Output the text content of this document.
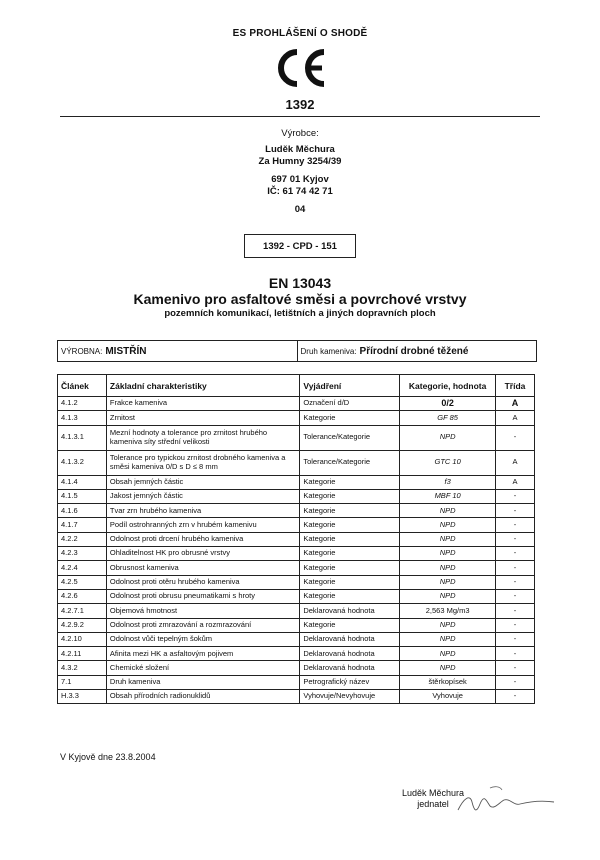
ES PROHLÁŠENÍ O SHODĚ
1392
Výrobce:
Luděk Měchura
Za Humny 3254/39
697 01 Kyjov
IČ: 61 74 42 71
04
1392 - CPD - 151
EN 13043
Kamenivo pro asfaltové směsi a povrchové vrstvy
pozemních komunikací, letištních a jiných dopravních ploch
VÝROBNA: MISTŘÍN	Druh kameniva: Přírodní drobné těžené
Článek	Základní charakteristiky	Vyjádření	Kategorie, hodnota	Třída
4.1.2	Frakce kameniva	Označení d/D	0/2	A
4.1.3	Zrnitost	Kategorie	GF 85	A
4.1.3.1	Mezní hodnoty a tolerance pro zrnitost hrubého kameniva síty střední velikosti	Tolerance/Kategorie	NPD	-
4.1.3.2	Tolerance pro typickou zrnitost drobného kameniva a směsi kameniva 0/D s D ≤ 8 mm	Tolerance/Kategorie	GTC 10	A
4.1.4	Obsah jemných částic	Kategorie	f3	A
4.1.5	Jakost jemných částic	Kategorie	MBF 10	-
4.1.6	Tvar zrn hrubého kameniva	Kategorie	NPD	-
4.1.7	Podíl ostrohranných zrn v hrubém kamenivu	Kategorie	NPD	-
4.2.2	Odolnost proti drcení hrubého kameniva	Kategorie	NPD	-
4.2.3	Ohladitelnost HK pro obrusné vrstvy	Kategorie	NPD	-
4.2.4	Obrusnost kameniva	Kategorie	NPD	-
4.2.5	Odolnost proti otěru hrubého kameniva	Kategorie	NPD	-
4.2.6	Odolnost proti obrusu pneumatikami s hroty	Kategorie	NPD	-
4.2.7.1	Objemová hmotnost	Deklarovaná hodnota	2,563 Mg/m3	-
4.2.9.2	Odolnost proti zmrazování a rozmrazování	Kategorie	NPD	-
4.2.10	Odolnost vůči tepelným šokům	Deklarovaná hodnota	NPD	-
4.2.11	Afinita mezi HK a asfaltovým pojivem	Deklarovaná hodnota	NPD	-
4.3.2	Chemické složení	Deklarovaná hodnota	NPD	-
7.1	Druh kameniva	Petrografický název	štěrkopísek	-
H.3.3	Obsah přírodních radionuklidů	Vyhovuje/Nevyhovuje	Vyhovuje	-
V Kyjově dne 23.8.2004
Luděk Měchura
jednatel
